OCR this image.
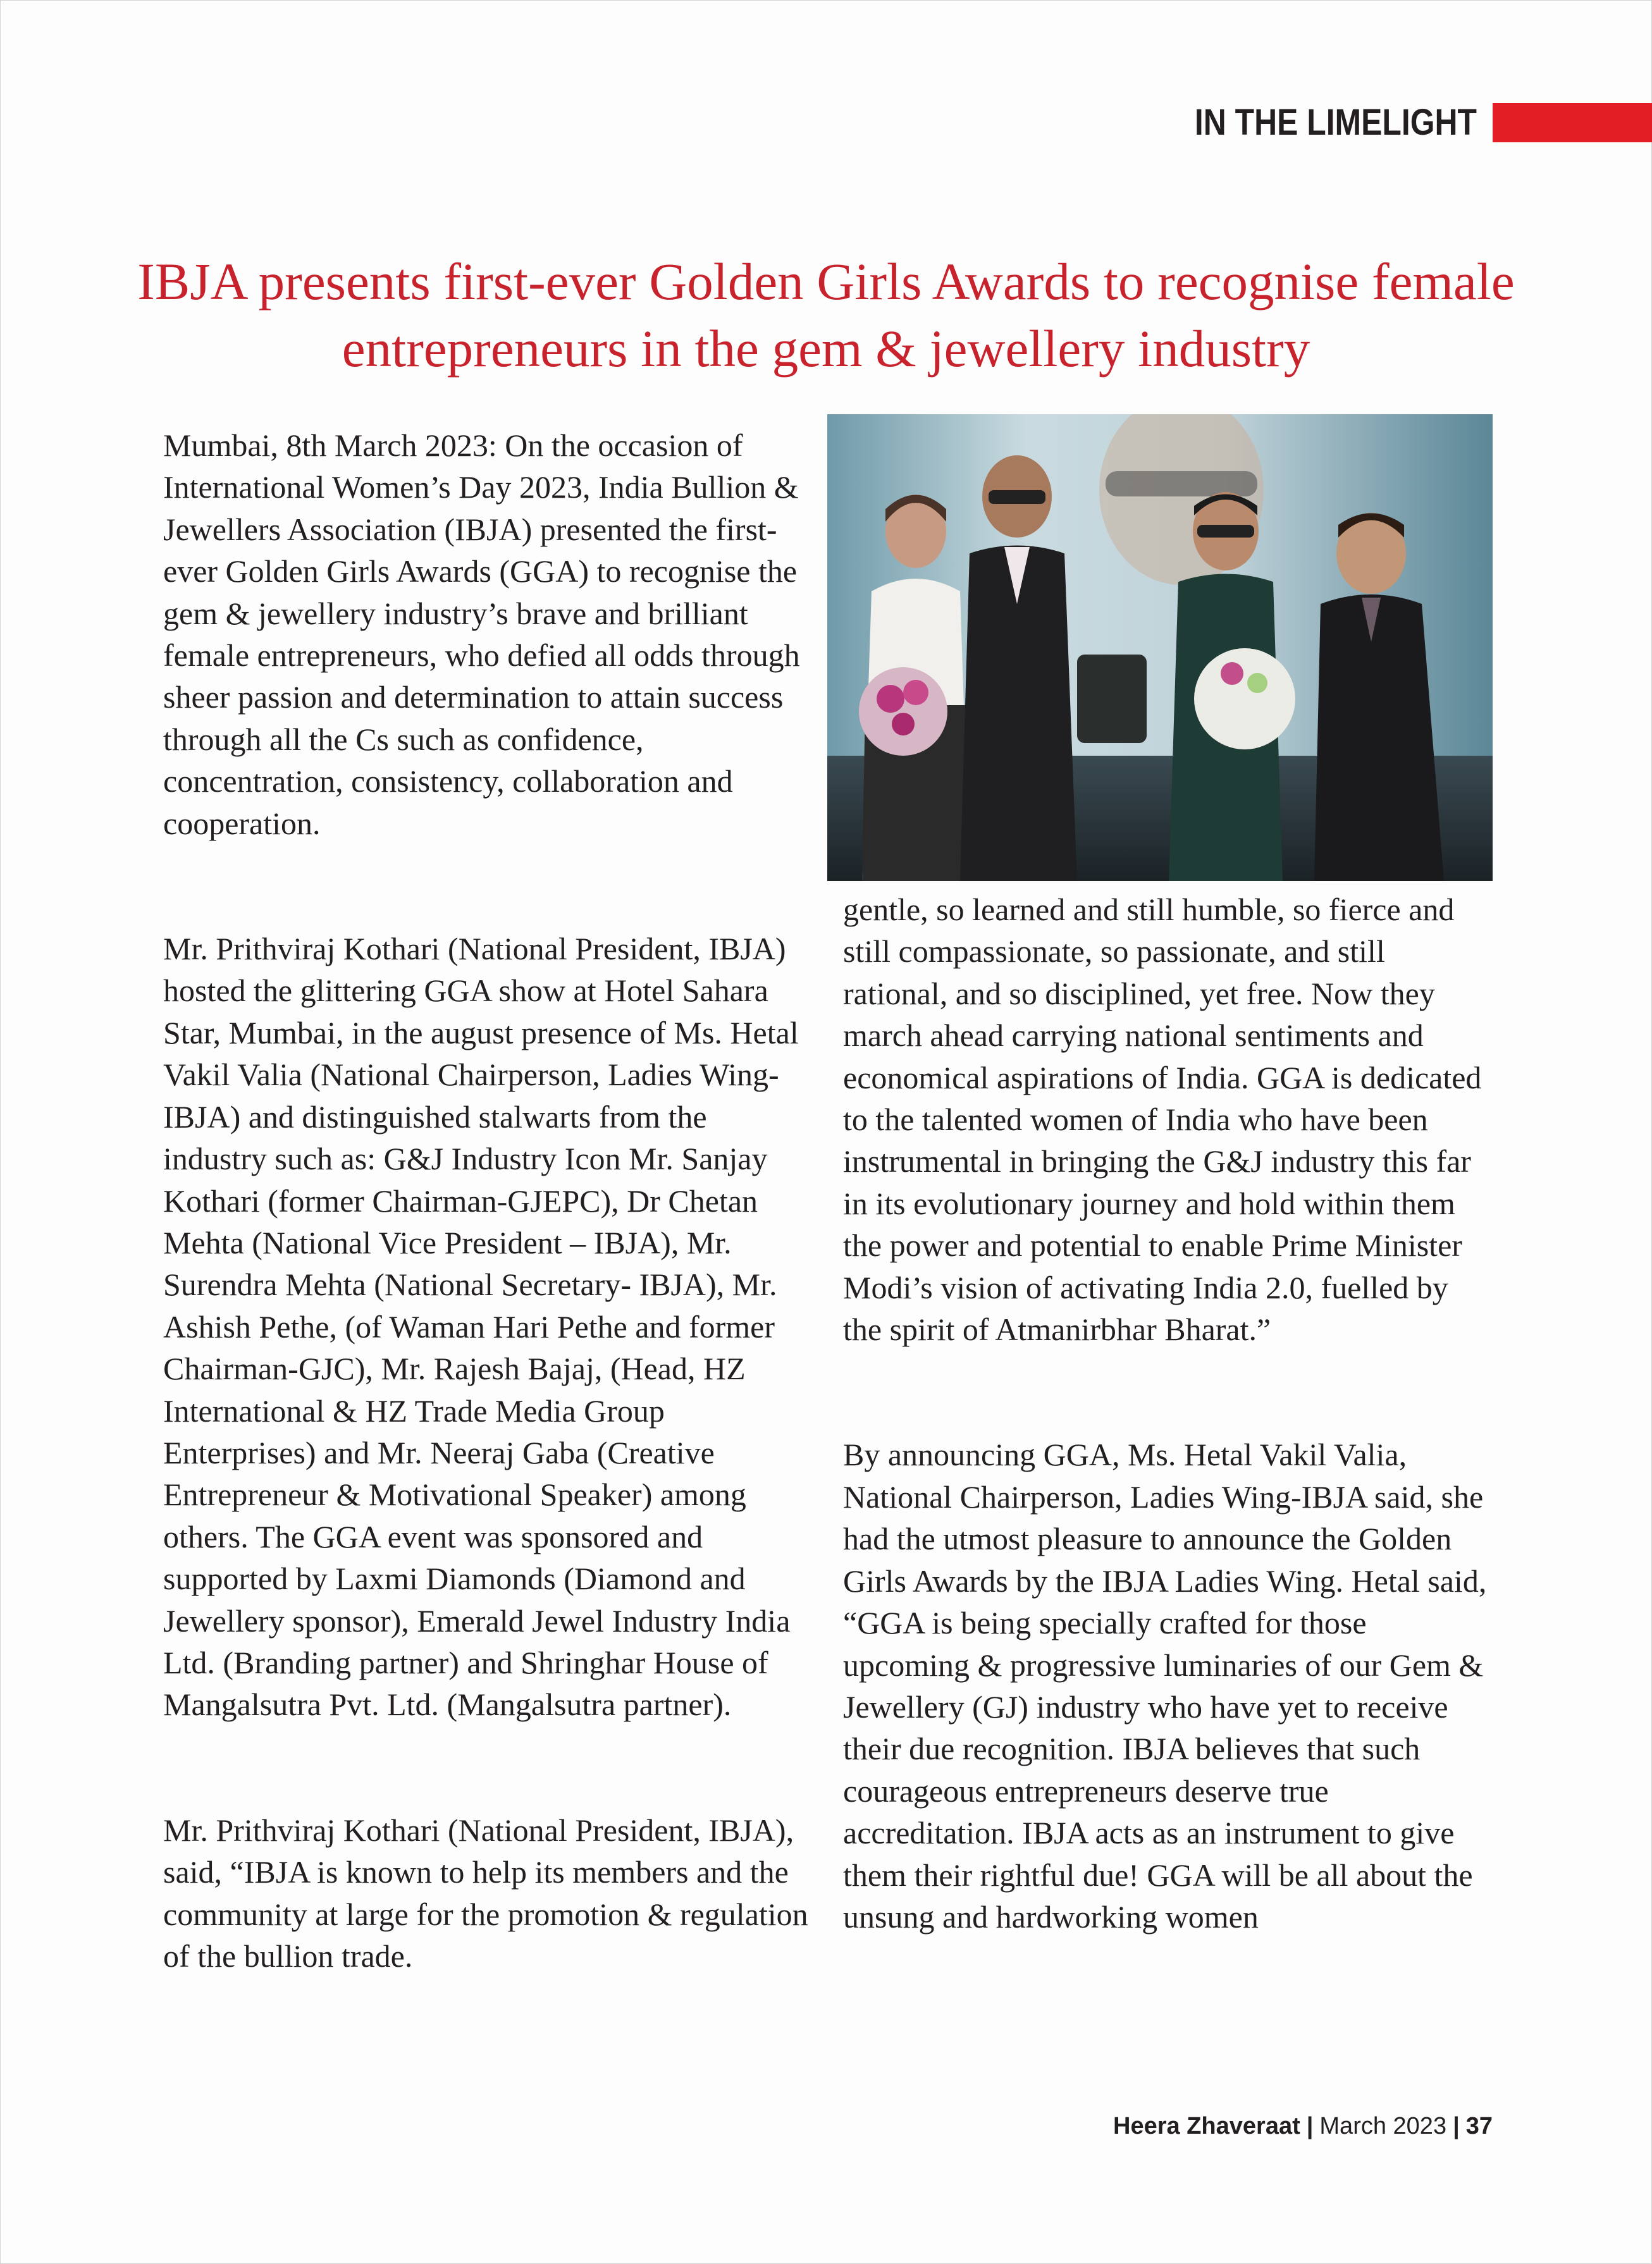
IN THE LIMELIGHT
IBJA presents first-ever Golden Girls Awards to recognise female entrepreneurs in the gem & jewellery industry

Mumbai, 8th March 2023: On the occasion of International Women’s Day 2023, India Bullion & Jewellers Association (IBJA) presented the first-ever Golden Girls Awards (GGA) to recognise the gem & jewellery industry’s brave and brilliant female entrepreneurs, who defied all odds through sheer passion and determination to attain success through all the Cs such as confidence, concentration, consistency, collaboration and cooperation.

Mr. Prithviraj Kothari (National President, IBJA) hosted the glittering GGA show at Hotel Sahara Star, Mumbai, in the august presence of Ms. Hetal Vakil Valia (National Chairperson, Ladies Wing-IBJA) and distinguished stalwarts from the industry such as: G&J Industry Icon Mr. Sanjay Kothari (former Chairman-GJEPC), Dr Chetan Mehta (National Vice President – IBJA), Mr. Surendra Mehta (National Secretary- IBJA), Mr. Ashish Pethe, (of Waman Hari Pethe and former Chairman-GJC), Mr. Rajesh Bajaj, (Head, HZ International & HZ Trade Media Group Enterprises) and Mr. Neeraj Gaba (Creative Entrepreneur & Motivational Speaker) among others. The GGA event was sponsored and supported by Laxmi Diamonds (Diamond and Jewellery sponsor), Emerald Jewel Industry India Ltd. (Branding partner) and Shringhar House of Mangalsutra Pvt. Ltd. (Mangalsutra partner).

Mr. Prithviraj Kothari (National President, IBJA), said, “IBJA is known to help its members and the community at large for the promotion & regulation of the bullion trade.

gentle, so learned and still humble, so fierce and still compassionate, so passionate, and still rational, and so disciplined, yet free. Now they march ahead carrying national sentiments and economical aspirations of India. GGA is dedicated to the talented women of India who have been instrumental in bringing the G&J industry this far in its evolutionary journey and hold within them the power and potential to enable Prime Minister Modi’s vision of activating India 2.0, fuelled by the spirit of Atmanirbhar Bharat.”

By announcing GGA, Ms. Hetal Vakil Valia, National Chairperson, Ladies Wing-IBJA said, she had the utmost pleasure to announce the Golden Girls Awards by the IBJA Ladies Wing. Hetal said, “GGA is being specially crafted for those upcoming & progressive luminaries of our Gem & Jewellery (GJ) industry who have yet to receive their due recognition. IBJA believes that such courageous entrepreneurs deserve true accreditation. IBJA acts as an instrument to give them their rightful due! GGA will be all about the unsung and hardworking women

Heera Zhaveraat | March 2023 | 37
